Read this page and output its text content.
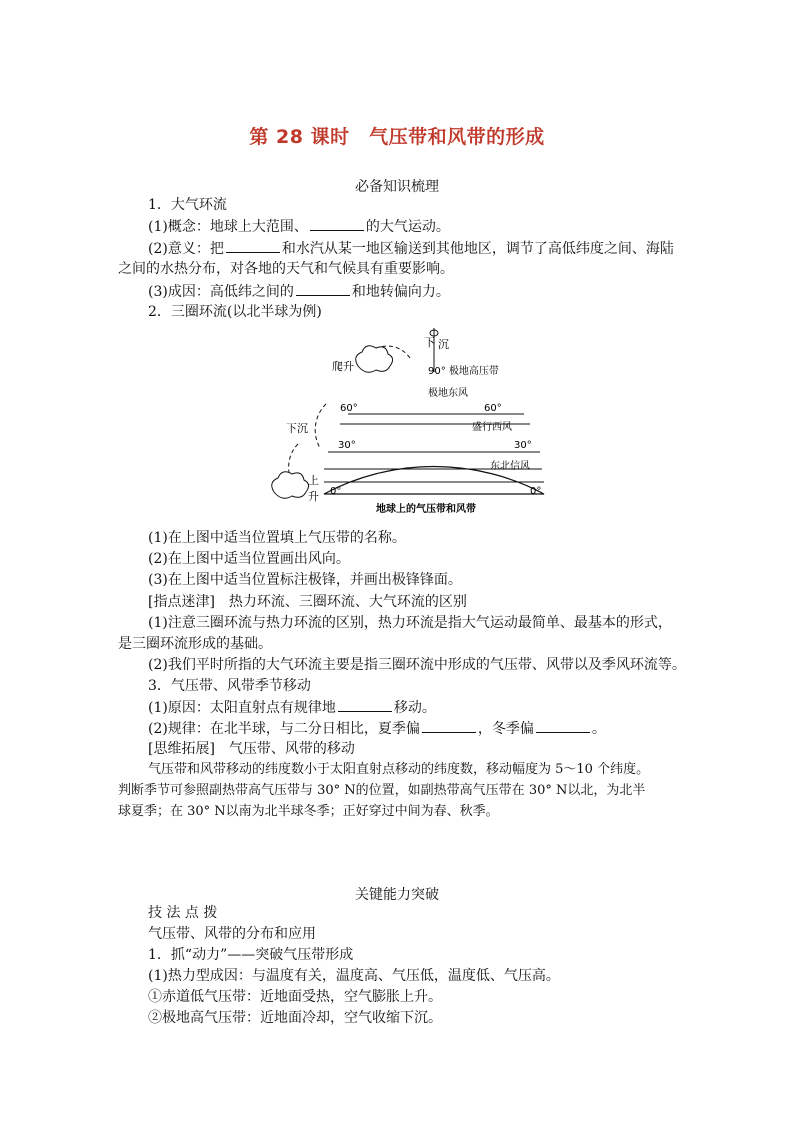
第 28 课时　气压带和风带的形成
必备知识梳理
1．大气环流
(1)概念：地球上大范围、	的大气运动。
(2)意义：把	和水汽从某一地区输送到其他地区，调节了高低纬度之间、海陆
之间的水热分布，对各地的天气和气候具有重要影响。
(3)成因：高低纬之间的	和地转偏向力。
2．三圈环流(以北半球为例)
爬升
下 沉
下沉
上
升
90° 极地高压带
极地东风
60°	60°
盛行西风
30°	30°
东北信风
0°	0°
地球上的气压带和风带
(1)在上图中适当位置填上气压带的名称。
(2)在上图中适当位置画出风向。
(3)在上图中适当位置标注极锋，并画出极锋锋面。
[指点迷津]　热力环流、三圈环流、大气环流的区别
(1)注意三圈环流与热力环流的区别，热力环流是指大气运动最简单、最基本的形式，
是三圈环流形成的基础。
(2)我们平时所指的大气环流主要是指三圈环流中形成的气压带、风带以及季风环流等。
3．气压带、风带季节移动
(1)原因：太阳直射点有规律地	移动。
(2)规律：在北半球，与二分日相比，夏季偏	，冬季偏	。
[思维拓展]　气压带、风带的移动
气压带和风带移动的纬度数小于太阳直射点移动的纬度数，移动幅度为 5～10 个纬度。
判断季节可参照副热带高气压带与 30° N的位置，如副热带高气压带在 30° N以北，为北半
球夏季；在 30° N以南为北半球冬季；正好穿过中间为春、秋季。
关键能力突破
技 法 点 拨
气压带、风带的分布和应用
1．抓“动力”——突破气压带形成
(1)热力型成因：与温度有关，温度高、气压低，温度低、气压高。
①赤道低气压带：近地面受热，空气膨胀上升。
②极地高气压带：近地面冷却，空气收缩下沉。
